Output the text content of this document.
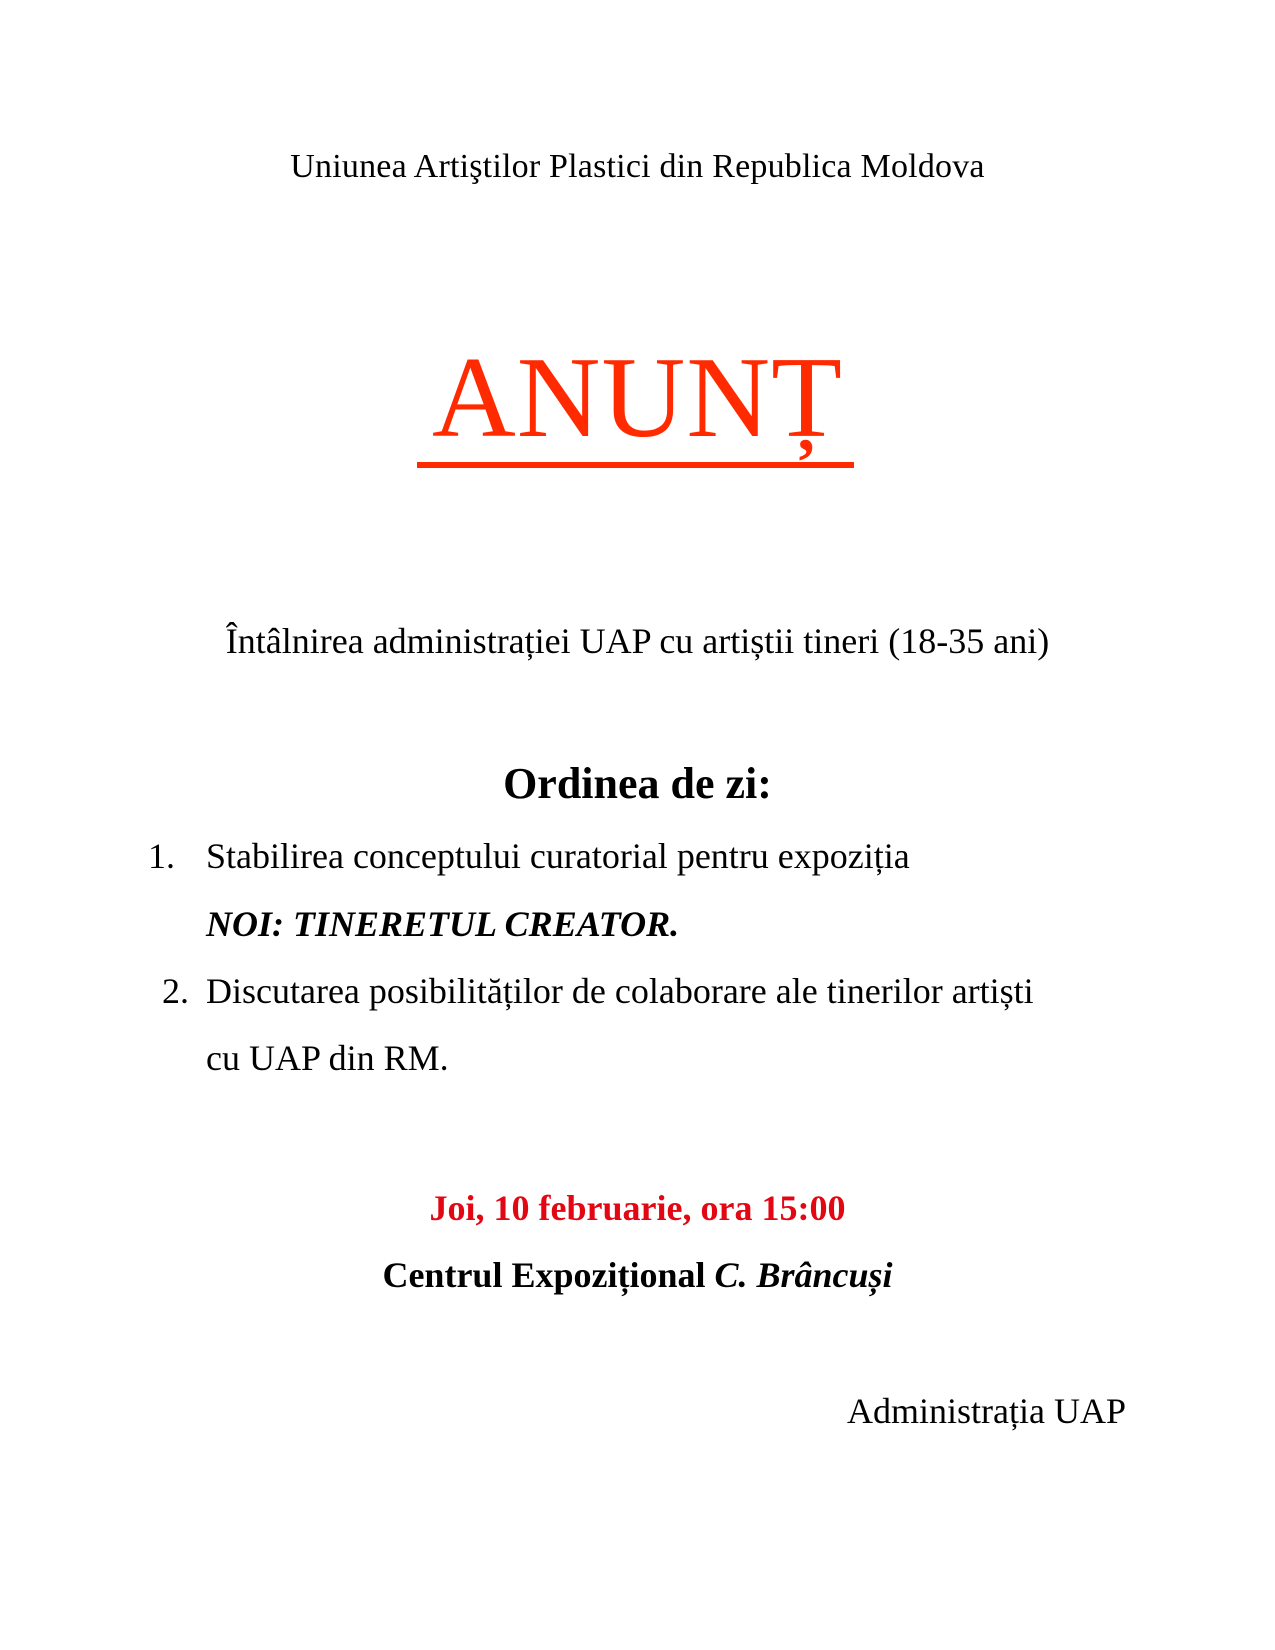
Uniunea Artiştilor Plastici din Republica Moldova
ANUNȚ
Întâlnirea administrației UAP cu artiștii tineri (18-35 ani)
Ordinea de zi:
1. Stabilirea conceptului curatorial pentru expoziția
NOI: TINERETUL CREATOR.
2. Discutarea posibilităților de colaborare ale tinerilor artiști
cu UAP din RM.
Joi, 10 februarie, ora 15:00
Centrul Expozițional C. Brâncuși
Administrația UAP
